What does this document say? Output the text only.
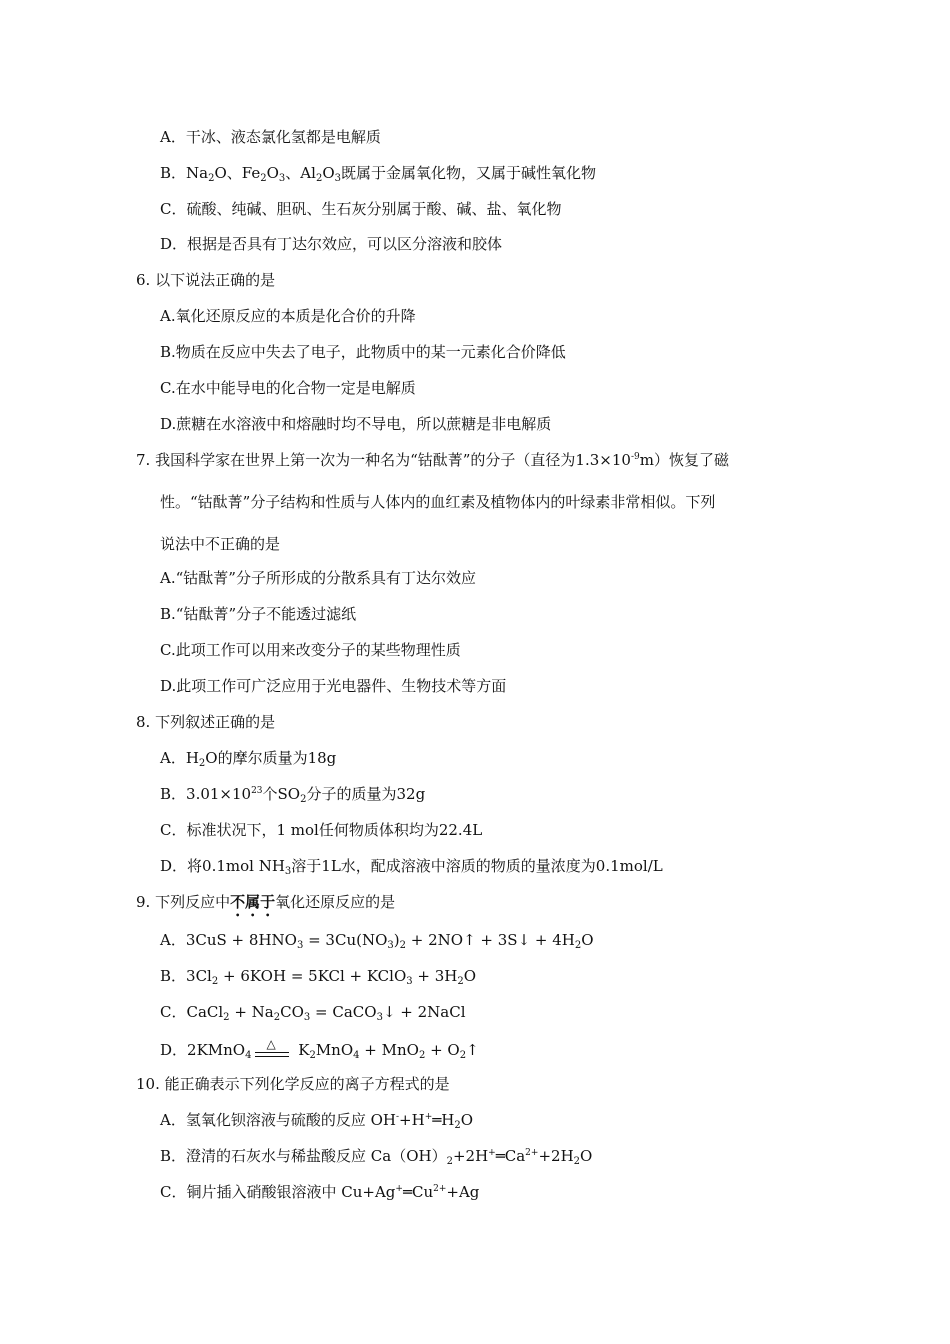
A．干冰、液态氯化氢都是电解质
B．$Na_2O$、$Fe_2O_3$、$Al_2O_3$既属于金属氧化物，又属于碱性氧化物
C．硫酸、纯碱、胆矾、生石灰分别属于酸、碱、盐、氧化物
D．根据是否具有丁达尔效应，可以区分溶液和胶体
6. 以下说法正确的是
A.氧化还原反应的本质是化合价的升降
B.物质在反应中失去了电子，此物质中的某一元素化合价降低
C.在水中能导电的化合物一定是电解质
D.蔗糖在水溶液中和熔融时均不导电，所以蔗糖是非电解质
7. 我国科学家在世界上第一次为一种名为“钴酞菁”的分子（直径为$1.3\times 10^{-9}m$）恢复了磁
性。“钴酞菁”分子结构和性质与人体内的血红素及植物体内的叶绿素非常相似。下列
说法中不正确的是
A.“钴酞菁”分子所形成的分散系具有丁达尔效应
B.“钴酞菁”分子不能透过滤纸
C.此项工作可以用来改变分子的某些物理性质
D.此项工作可广泛应用于光电器件、生物技术等方面
8. 下列叙述正确的是
A．$H_2O$的摩尔质量为18g
B．$3.01\times 10^{23}$个$SO_2$分子的质量为32g
C．标准状况下，1 mol任何物质体积均为22.4L
D．将0.1mol $NH_3$溶于1L水，配成溶液中溶质的物质的量浓度为0.1mol/L
9. 下列反应中不属于氧化还原反应的是
A．$3CuS + 8HNO_3 = 3Cu(NO_3)_2$ + 2NO↑ + 3S↓ + $4H_2O$
B．$3Cl_2 + 6KOH = 5KCl$ + KClO$_3$ + $3H_2O$
C．CaCl$_2$ + $Na_2CO_3$ = CaCO$_3$↓ + 2NaCl
D．2KMnO$_4$
△ $K_2MnO_4 + MnO_2$ + $O_2↑$
10. 能正确表示下列化学反应的离子方程式的是
A．氢氧化钡溶液与硫酸的反应 $OH^-+H^+═H_2O$
B．澄清的石灰水与稀盐酸反应 $Ca(OH)_2+2H^+═Ca^{2+}+2H_2O$
C．铜片插入硝酸银溶液中 $Cu+Ag^+═Cu^{2+}+Ag$
